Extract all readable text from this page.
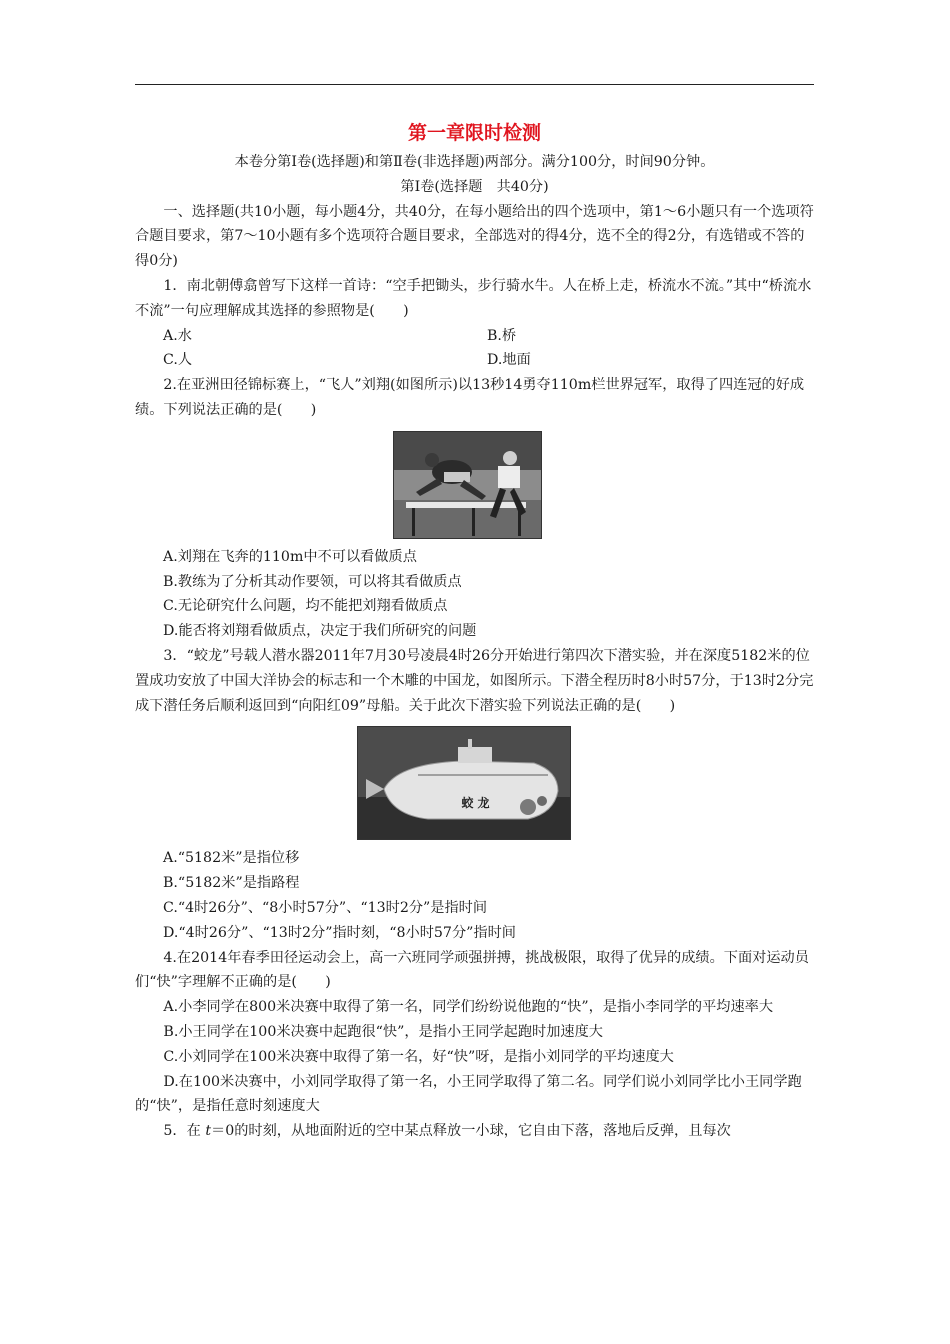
第一章限时检测

本卷分第Ⅰ卷(选择题)和第Ⅱ卷(非选择题)两部分。满分100分，时间90分钟。

第Ⅰ卷(选择题　共40分)

一、选择题(共10小题，每小题4分，共40分，在每小题给出的四个选项中，第1～6小题只有一个选项符合题目要求，第7～10小题有多个选项符合题目要求，全部选对的得4分，选不全的得2分，有选错或不答的得0分)

1．南北朝傅翕曾写下这样一首诗：“空手把锄头，步行骑水牛。人在桥上走，桥流水不流。”其中“桥流水不流”一句应理解成其选择的参照物是(　　)

A.水	B.桥
C.人	D.地面

2.在亚洲田径锦标赛上，“飞人”刘翔(如图所示)以13秒14勇夺110m栏世界冠军，取得了四连冠的好成绩。下列说法正确的是(　　)

A.刘翔在飞奔的110m中不可以看做质点

B.教练为了分析其动作要领，可以将其看做质点

C.无论研究什么问题，均不能把刘翔看做质点

D.能否将刘翔看做质点，决定于我们所研究的问题

3．“蛟龙”号载人潜水器2011年7月30号凌晨4时26分开始进行第四次下潜实验，并在深度5182米的位置成功安放了中国大洋协会的标志和一个木雕的中国龙，如图所示。下潜全程历时8小时57分，于13时2分完成下潜任务后顺利返回到“向阳红09”母船。关于此次下潜实验下列说法正确的是(　　)

蛟龙

A.“5182米”是指位移

B.“5182米”是指路程

C.“4时26分”、“8小时57分”、“13时2分”是指时间

D.“4时26分”、“13时2分”指时刻，“8小时57分”指时间

4.在2014年春季田径运动会上，高一六班同学顽强拼搏，挑战极限，取得了优异的成绩。下面对运动员们“快”字理解不正确的是(　　)

A.小李同学在800米决赛中取得了第一名，同学们纷纷说他跑的“快”，是指小李同学的平均速率大

B.小王同学在100米决赛中起跑很“快”，是指小王同学起跑时加速度大

C.小刘同学在100米决赛中取得了第一名，好“快”呀，是指小刘同学的平均速度大

D.在100米决赛中，小刘同学取得了第一名，小王同学取得了第二名。同学们说小刘同学比小王同学跑的“快”，是指任意时刻速度大

5．在 t＝0的时刻，从地面附近的空中某点释放一小球，它自由下落，落地后反弹，且每次
